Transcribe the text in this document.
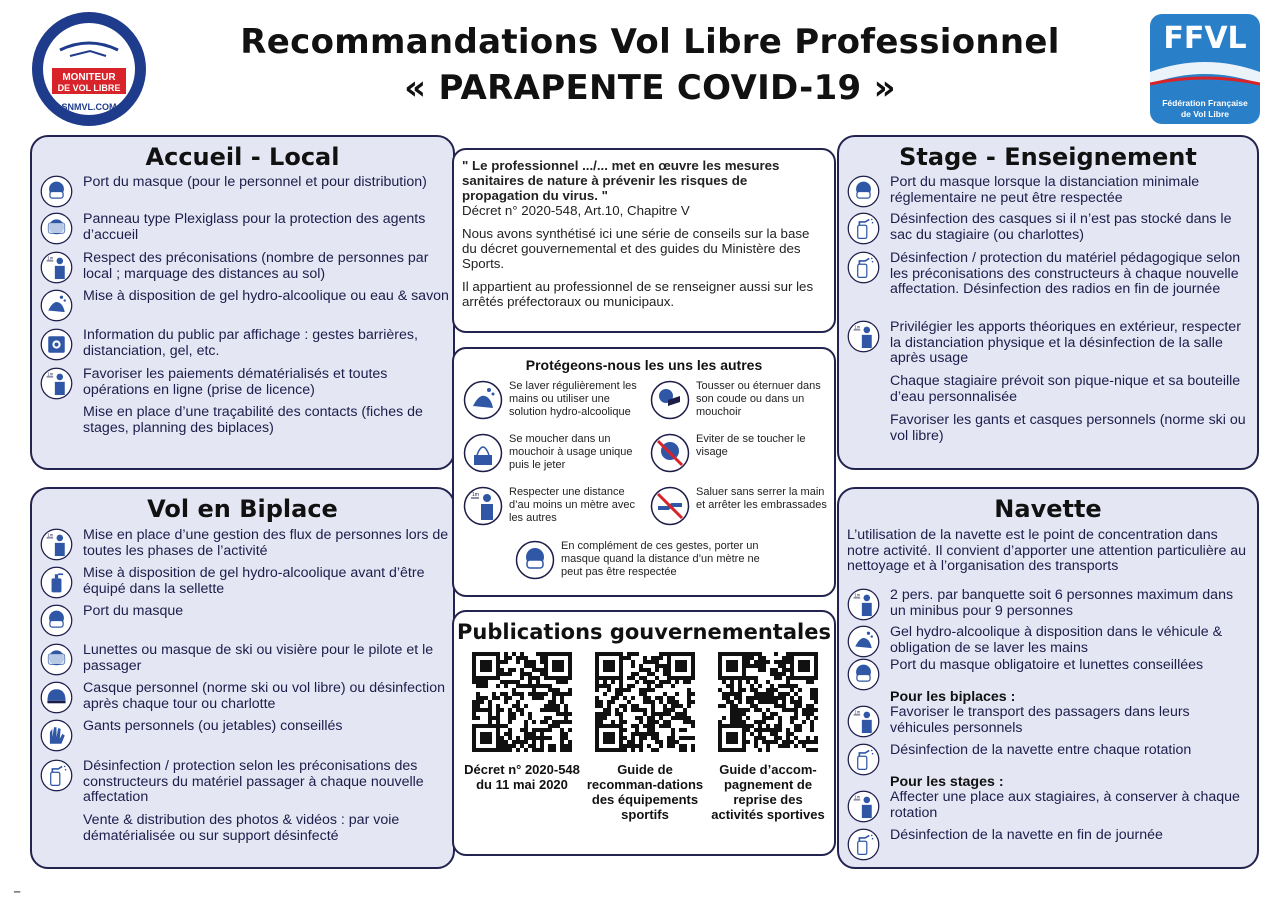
MONITEUR
DE VOL LIBRE
SNMVL.COM
Recommandations Vol Libre Professionnel
« PARAPENTE COVID-19 »
FFVL
Fédération Française
de Vol Libre
Accueil - Local
Port du masque (pour le personnel et pour distribution)
Panneau type Plexiglass pour la protection des agents d’accueil
1m Respect des préconisations (nombre de personnes par local ; marquage des distances au sol)
Mise à disposition de gel hydro-alcoolique ou eau & savon
Information du public par affichage : gestes barrières, distanciation, gel, etc.
1m Favoriser les paiements dématérialisés et toutes opérations en ligne (prise de licence)
Mise en place d’une traçabilité des contacts (fiches de stages, planning des biplaces)
Stage - Enseignement
Port du masque lorsque la distanciation minimale réglementaire ne peut être respectée
Désinfection des casques si il n’est pas stocké dans le sac du stagiaire (ou charlottes)
Désinfection / protection du matériel pédagogique selon les préconisations des constructeurs à chaque nouvelle affectation. Désinfection des radios en fin de journée
1m Privilégier les apports théoriques en extérieur, respecter la distanciation physique et la désinfection de la salle après usage
Chaque stagiaire prévoit son pique-nique et sa bouteille d’eau personnalisée
Favoriser les gants et casques personnels (norme ski ou vol libre)
Vol en Biplace
1m Mise en place d’une gestion des flux de personnes lors de toutes les phases de l’activité
Mise à disposition de gel hydro-alcoolique avant d’être équipé dans la sellette
Port du masque
Lunettes ou masque de ski ou visière pour le pilote et le passager
Casque personnel (norme ski ou vol libre) ou désinfection après chaque tour ou charlotte
Gants personnels (ou jetables) conseillés
Désinfection / protection selon les préconisations des constructeurs du matériel passager à chaque nouvelle affectation
Vente & distribution des photos & vidéos : par voie dématérialisée ou sur support désinfecté
Navette
L’utilisation de la navette est le point de concentration dans notre activité. Il convient d’apporter une attention particulière au nettoyage et à l’organisation des transports
1m 2 pers. par banquette soit 6 personnes maximum dans un minibus pour 9 personnes
Gel hydro-alcoolique à disposition dans le véhicule & obligation de se laver les mains
Port du masque obligatoire et lunettes conseillées
1m Favoriser le transport des passagers dans leurs véhicules personnels
Désinfection de la navette entre chaque rotation
1m Affecter une place aux stagiaires, à conserver à chaque rotation
Désinfection de la navette en fin de journée
Pour les biplaces :
Pour les stages :

" Le professionnel .../... met en œuvre les mesures sanitaires de nature à prévenir les risques de propagation du virus. "

Décret n° 2020-548, Art.10, Chapitre V

Nous avons synthétisé ici une série de conseils sur la base du décret gouvernemental et des guides du Ministère des Sports.

Il appartient au professionnel de se renseigner aussi sur les arrêtés préfectoraux ou municipaux.

Protégeons-nous les uns les autres
Se laver régulièrement les mains ou utiliser une solution hydro-alcoolique
Tousser ou éternuer dans son coude ou dans un mouchoir
Se moucher dans un mouchoir à usage unique puis le jeter
Eviter de se toucher le visage
1m	Respecter une distance d’au moins un mètre avec les autres
Saluer sans serrer la main et arrêter les embrassades
En complément de ces gestes, porter un masque quand la distance d’un mètre ne peut pas être respectée
Publications gouvernementales
Décret n° 2020-548 du 11 mai 2020
Guide de recomman-dations des équipements sportifs
Guide d’accom-pagnement de reprise des activités sportives
▔
